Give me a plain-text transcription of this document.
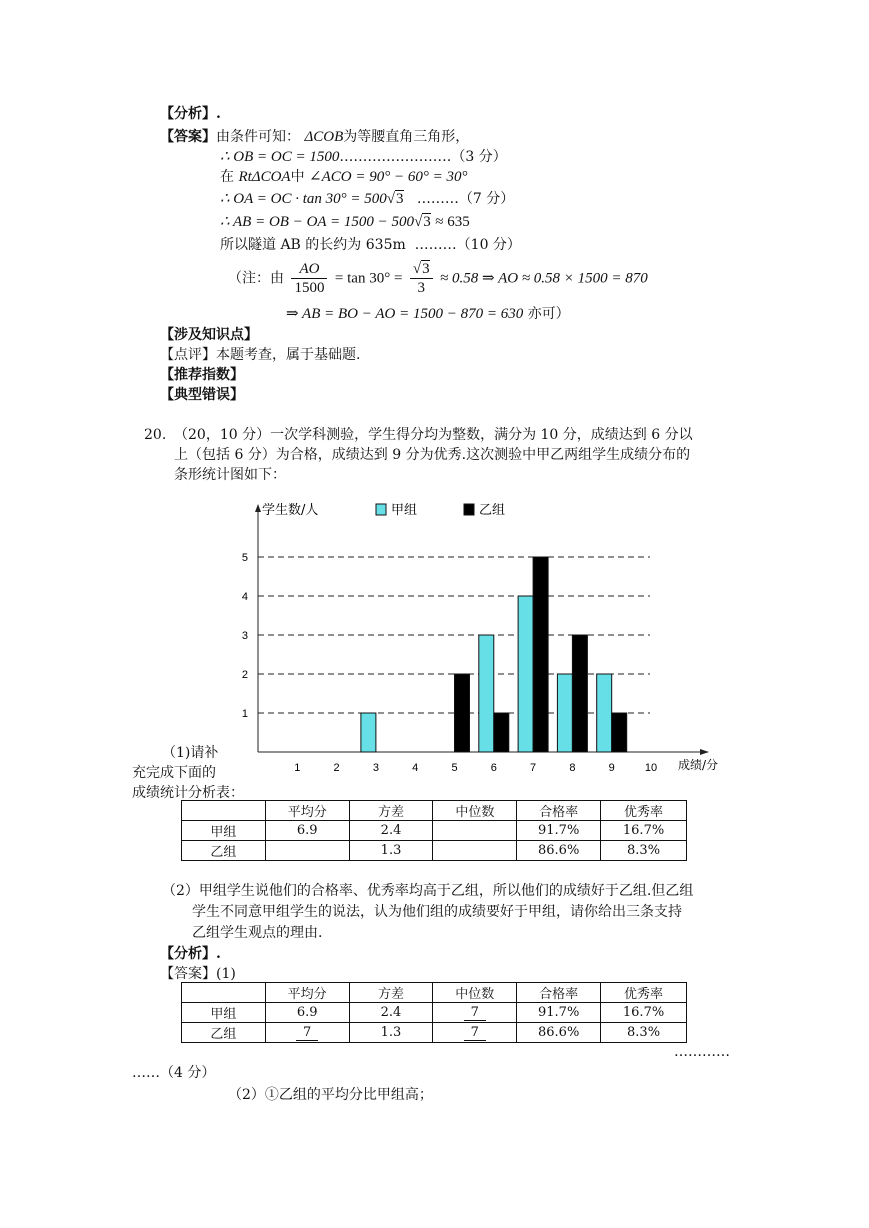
【分析】.
【答案】由条件可知： ΔCOB为等腰直角三角形，
∴ OB = OC = 1500……………………（3 分）
在 RtΔCOA中 ∠ACO = 90° − 60° = 30°
∴ OA = OC · tan 30° = 500√3 ………（7 分）
∴ AB = OB − OA = 1500 − 500√3 ≈ 635
所以隧道 AB 的长约为 635m ………（10 分）
（注：由 $\frac{AO}{1500} = \tan 30^\circ = \frac{√3}{3} \approx 0.58$ ⇒ AO ≈ 0.58 × 1500 = 870
⇒ AB = BO − AO = 1500 − 870 = 630 亦可）
【涉及知识点】
【点评】本题考查，属于基础题.
【推荐指数】
【典型错误】
20. （20，10 分）一次学科测验，学生得分均为整数，满分为 10 分，成绩达到 6 分以
上（包括 6 分）为合格，成绩达到 9 分为优秀.这次测验中甲乙两组学生成绩分布的
条形统计图如下：
1
2
3
4
5
学生数/人
成绩/分
1	2	3	4	5	6	7	8	9	10
甲组	乙组
（1)请补
充完成下面的
成绩统计分析表：
	平均分	方差	中位数	合格率	优秀率
甲组	6.9	2.4		91.7%	16.7%
乙组		1.3		86.6%	8.3%
（2）甲组学生说他们的合格率、优秀率均高于乙组，所以他们的成绩好于乙组.但乙组
学生不同意甲组学生的说法，认为他们组的成绩要好于甲组，请你给出三条支持
乙组学生观点的理由.
【分析】.
【答案】(1)
	平均分	方差	中位数	合格率	优秀率
甲组	6.9	2.4	7	91.7%	16.7%
乙组	7	1.3	7	86.6%	8.3%
…………
……（4 分）
（2）①乙组的平均分比甲组高；
